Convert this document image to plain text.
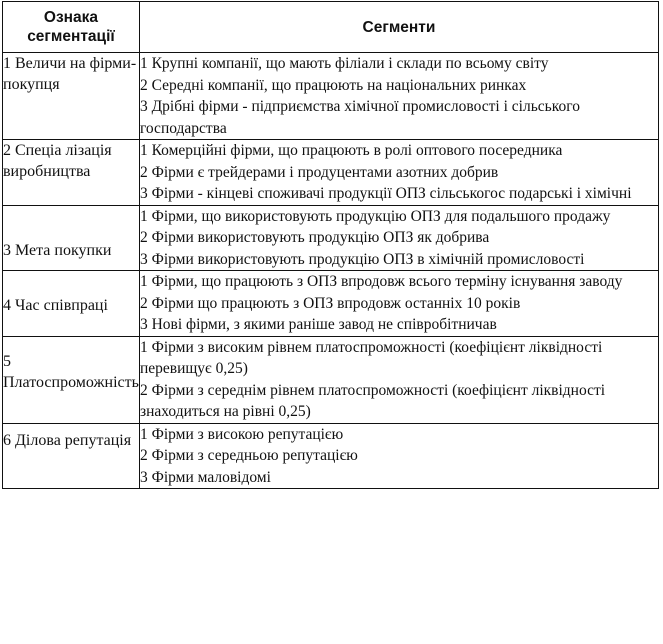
Ознака сегментації	Сегменти
1 Величи на фірми- покупця	1 Крупні компанії, що мають філіали і склади по всьому світу
2 Середні компанії, що працюють на національних ринках
3 Дрібні фірми - підприємства хімічної промисловості і сільського господарства

2 Спеціа лізація виробництва	1 Комерційні фірми, що працюють в ролі оптового посередника
2 Фірми є трейдерами і продуцентами азотних добрив
3 Фірми - кінцеві споживачі продукції ОПЗ сільськогос подарські і хімічні

3 Мета покупки	1 Фірми, що використовують продукцію ОПЗ для подальшого продажу
2 Фірми використовують продукцію ОПЗ як добрива
3 Фірми використовують продукцію ОПЗ в хімічній промисловості

4 Час співпраці	1 Фірми, що працюють з ОПЗ впродовж всього терміну існування заводу
2 Фірми що працюють з ОПЗ впродовж останніх 10 років
3 Нові фірми, з якими раніше завод не співробітничав

5 Платоспроможність	1 Фірми з високим рівнем платоспроможності (коефіцієнт ліквідності перевищує 0,25)
2 Фірми з середнім рівнем платоспроможності (коефіцієнт ліквідності знаходиться на рівні 0,25)

6 Ділова репутація	1 Фірми з високою репутацією
2 Фірми з середньою репутацією
3 Фірми маловідомі
